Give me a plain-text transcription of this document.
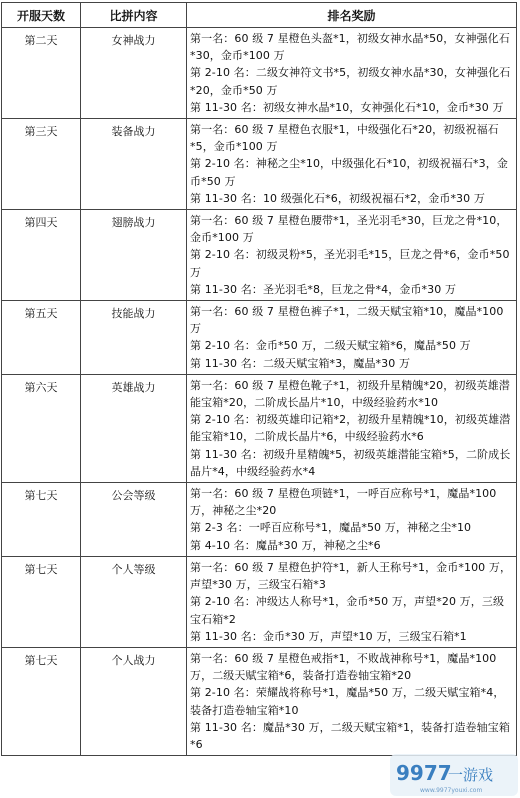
开服天数	比拼内容	排名奖励
第二天	女神战力	第一名：60 级 7 星橙色头盔*1，初级女神水晶*50，女神强化石*30，金币*100 万
第 2-10 名：二级女神符文书*5，初级女神水晶*30，女神强化石*20，金币*50 万
第 11-30 名：初级女神水晶*10，女神强化石*10，金币*30 万

第三天	装备战力	第一名：60 级 7 星橙色衣服*1，中级强化石*20，初级祝福石*5，金币*100 万
第 2-10 名：神秘之尘*10，中级强化石*10，初级祝福石*3，金币*50 万
第 11-30 名：10 级强化石*6，初级祝福石*2，金币*30 万

第四天	翅膀战力	第一名：60 级 7 星橙色腰带*1，圣光羽毛*30，巨龙之骨*10，金币*100 万
第 2-10 名：初级灵粉*5，圣光羽毛*15，巨龙之骨*6，金币*50 万
第 11-30 名：圣光羽毛*8，巨龙之骨*4，金币*30 万

第五天	技能战力	第一名：60 级 7 星橙色裤子*1，二级天赋宝箱*10，魔晶*100 万
第 2-10 名：金币*50 万，二级天赋宝箱*6，魔晶*50 万
第 11-30 名：二级天赋宝箱*3，魔晶*30 万

第六天	英雄战力	第一名：60 级 7 星橙色靴子*1，初级升星精魄*20，初级英雄潜能宝箱*20，二阶成长晶片*10，中级经验药水*10
第 2-10 名：初级英雄印记箱*2，初级升星精魄*10，初级英雄潜能宝箱*10，二阶成长晶片*6，中级经验药水*6
第 11-30 名：初级升星精魄*5，初级英雄潜能宝箱*5，二阶成长晶片*4，中级经验药水*4

第七天	公会等级	第一名：60 级 7 星橙色项链*1，一呼百应称号*1，魔晶*100 万，神秘之尘*20
第 2-3 名：一呼百应称号*1，魔晶*50 万，神秘之尘*10
第 4-10 名：魔晶*30 万，神秘之尘*6

第七天	个人等级	第一名：60 级 7 星橙色护符*1，新人王称号*1，金币*100 万，声望*30 万，三级宝石箱*3
第 2-10 名：冲级达人称号*1，金币*50 万，声望*20 万，三级宝石箱*2
第 11-30 名：金币*30 万，声望*10 万，三级宝石箱*1

第七天	个人战力	第一名：60 级 7 星橙色戒指*1，不败战神称号*1，魔晶*100 万，二级天赋宝箱*6，装备打造卷轴宝箱*20
第 2-10 名：荣耀战将称号*1，魔晶*50 万，二级天赋宝箱*4，装备打造卷轴宝箱*10
第 11-30 名：魔晶*30 万，二级天赋宝箱*1，装备打造卷轴宝箱*6
9977
一游戏
www.9977youxi.com
